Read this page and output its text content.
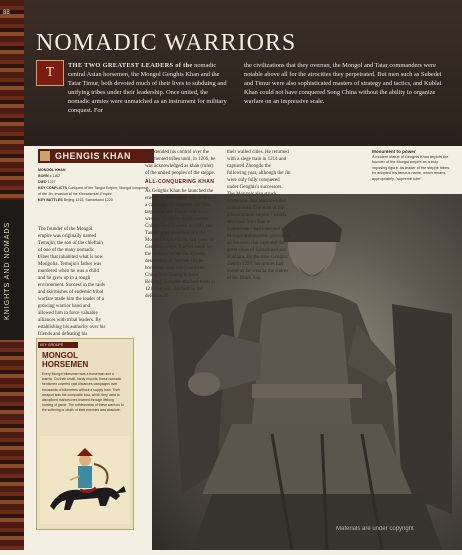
88
KNIGHTS AND NOMADS
NOMADIC WARRIORS
T	THE TWO GREATEST LEADERS of the nomadic central Asian horsemen, the Mongol Genghis Khan and the Tatar Timur, both devoted much of their lives to subduing and unifying tribes under their leadership. Once united, the nomadic armies were unmatched as an instrument for military conquest. For
the civilizations that they overran, the Mongol and Tatar commanders were notable above all for the atrocities they perpetrated. But men such as Subedei and Timur were also sophisticated masters of strategy and tactics, and Kublai Khan could not have conquered Song China without the ability to organize warfare on an impressive scale.
GHENGIS KHAN
MONGOL KHAN
BORN c.1162
DIED 1227
KEY CONFLICTS Conquest of the Tangut Empire, Mongol conquests of the Jin, invasion of the Khwarizmian Empire
KEY BATTLES Beijing 1215, Samarkand 1220
The founder of the Mongol empire was originally named Temujin, the son of the chieftain of one of the many nomadic tribes that inhabited what is now Mongolia. Temujin's father was murdered when he was a child and he grew up in a rough environment. Success in the raids and skirmishes of endemic tribal warfare made him the leader of a growing warrior band and allowed him to force valuable alliances with tribal leaders. By establishing his authority over his friends and defeating his
he extended his control over the fragmented tribes until, in 1206, he was acknowledged as khan (ruler) of the united peoples of the steppe.
ALL-CONQUERING KHAN
As Genghis Khan he launched the energy of some tribal war to launch a campaign of conquest. He first target was the Tangut empire in western Xia (now northwestern China). First invaded in 1209, the Tangut were absorbed into the Mongol empire in the last years of Genghis's reign. Further south lay the territory of the Jin dynasty, descendant of Jurchen steppe horsemen who ruled northern China from Zhongdu (now Beijing). Genghis attacked them in 1211 but was checked by the defences of
their walled cities. He returned with a siege train in 1214 and captured Zhongdu the following year, although the Jin were only fully conquered under Genghis's successors. The Mongols also struck westwards into Muslim-ruled central Asia. The shah of the Khwarizmian empire - which stretched from Iran to Uzbekistan - had executed a Mongol ambassador, provoking an invasion that captured the great cities of Samarkand and Bukhara. By the time Genghis died in 1227, his armies had swept as far west as the shores of the Black Sea.
Monument to power
A modern statue of Genghis Khan depicts the founder of the Mongol empire as a truly imposing figure. As leader of the steppe tribes, he adopted his famous name, which means, appropriately, "supreme ruler".
KEY GROUPS
MONGOL HORSEMEN
Every Mongol tribesman was a horseman and a warrior. On their small, hardy mounts, these nomadic herdsmen covered vast distances campaigns over thousands of kilometres without a supply train. Their weapon was the composite bow, which they used in disciplined manoeuvres learned through lifelong hunting of game. The ruthlessness of these warriors to the suffering or death of their enemies was absolute.
Materials are under copyright
